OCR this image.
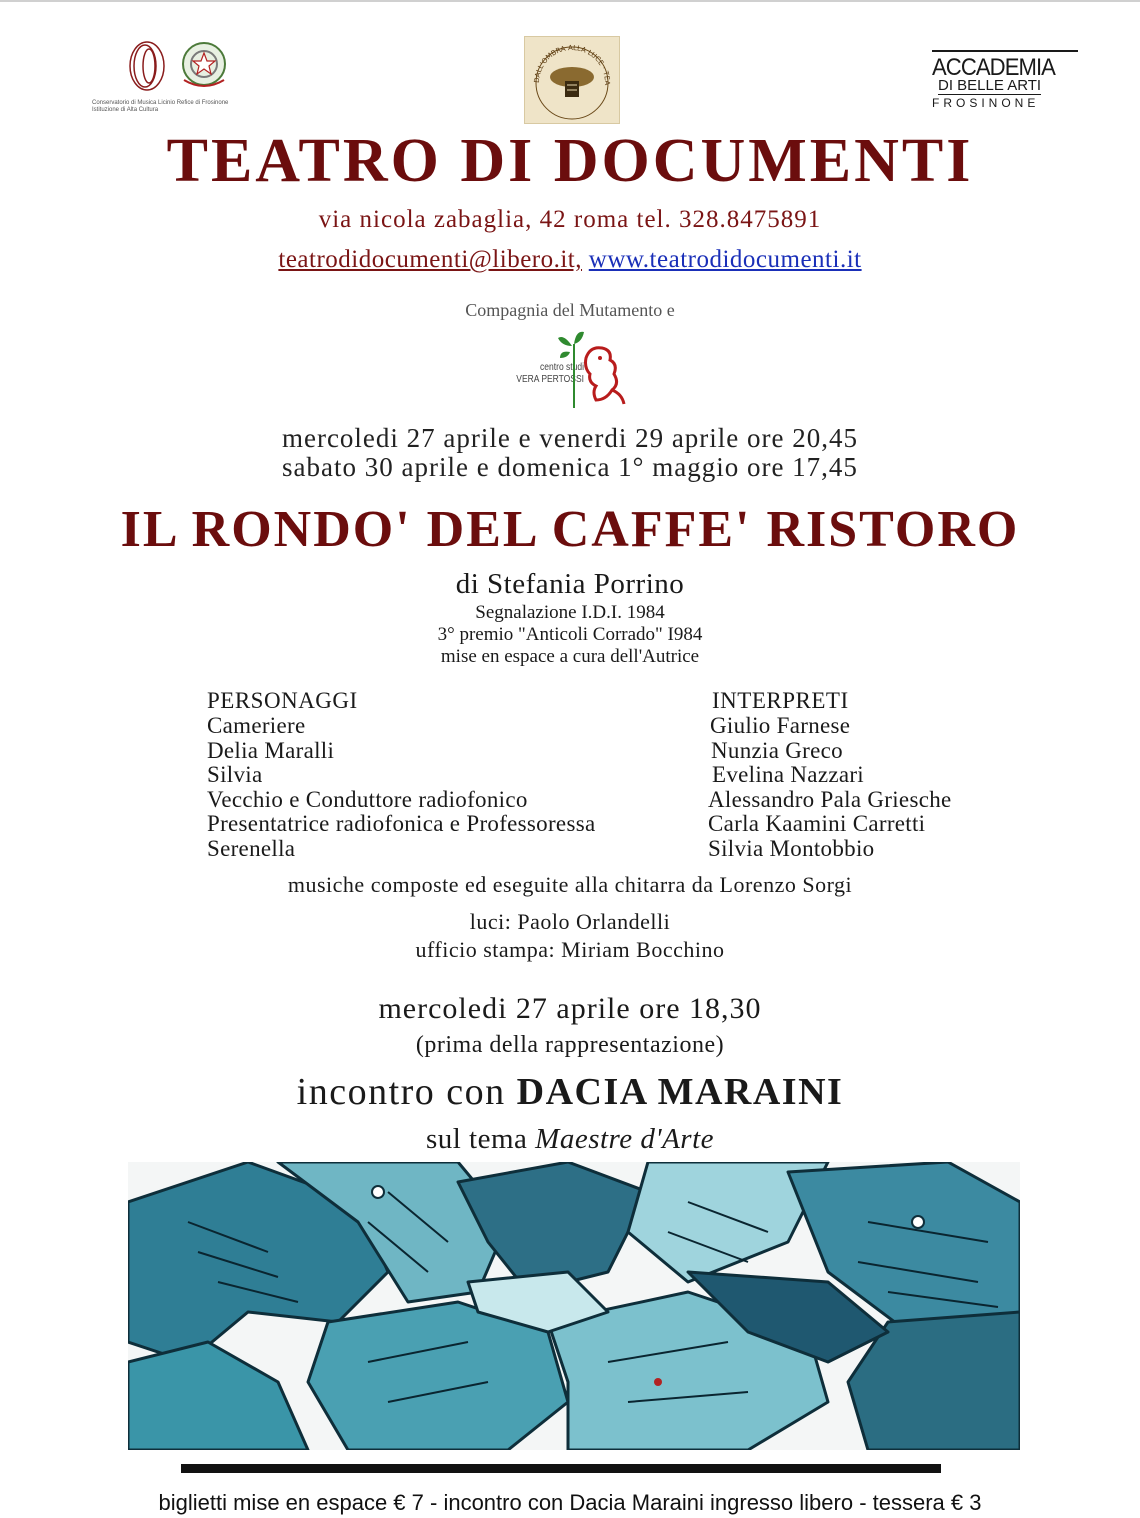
Conservatorio di Musica Licinio Refice di Frosinone
Istituzione di Alta Cultura
DALL'OMBRA ALLA LUCE · TEA
ACCADEMIA
DI BELLE ARTI
FROSINONE
TEATRO DI DOCUMENTI
via nicola zabaglia, 42 roma tel. 328.8475891
teatrodidocumenti@libero.it, www.teatrodidocumenti.it
Compagnia del Mutamento e
centro studi
VERA PERTOSSI
mercoledi 27 aprile e venerdi 29 aprile ore 20,45
sabato 30 aprile e domenica 1° maggio ore 17,45
IL RONDO' DEL CAFFE' RISTORO
di Stefania Porrino
Segnalazione I.D.I. 1984
3° premio "Anticoli Corrado" I984
mise en espace a cura dell'Autrice
PERSONAGGI
Cameriere
Delia Maralli
Silvia
Vecchio e Conduttore radiofonico
Presentatrice radiofonica e Professoressa
Serenella
INTERPRETI
Giulio Farnese
Nunzia Greco
Evelina Nazzari
Alessandro Pala Griesche
Carla Kaamini Carretti
Silvia Montobbio
musiche composte ed eseguite alla chitarra da Lorenzo Sorgi
luci: Paolo Orlandelli
ufficio stampa: Miriam Bocchino
mercoledi 27 aprile ore 18,30
(prima della rappresentazione)
incontro con DACIA MARAINI
sul tema Maestre d'Arte
biglietti mise en espace € 7 - incontro con Dacia Maraini ingresso libero - tessera € 3
